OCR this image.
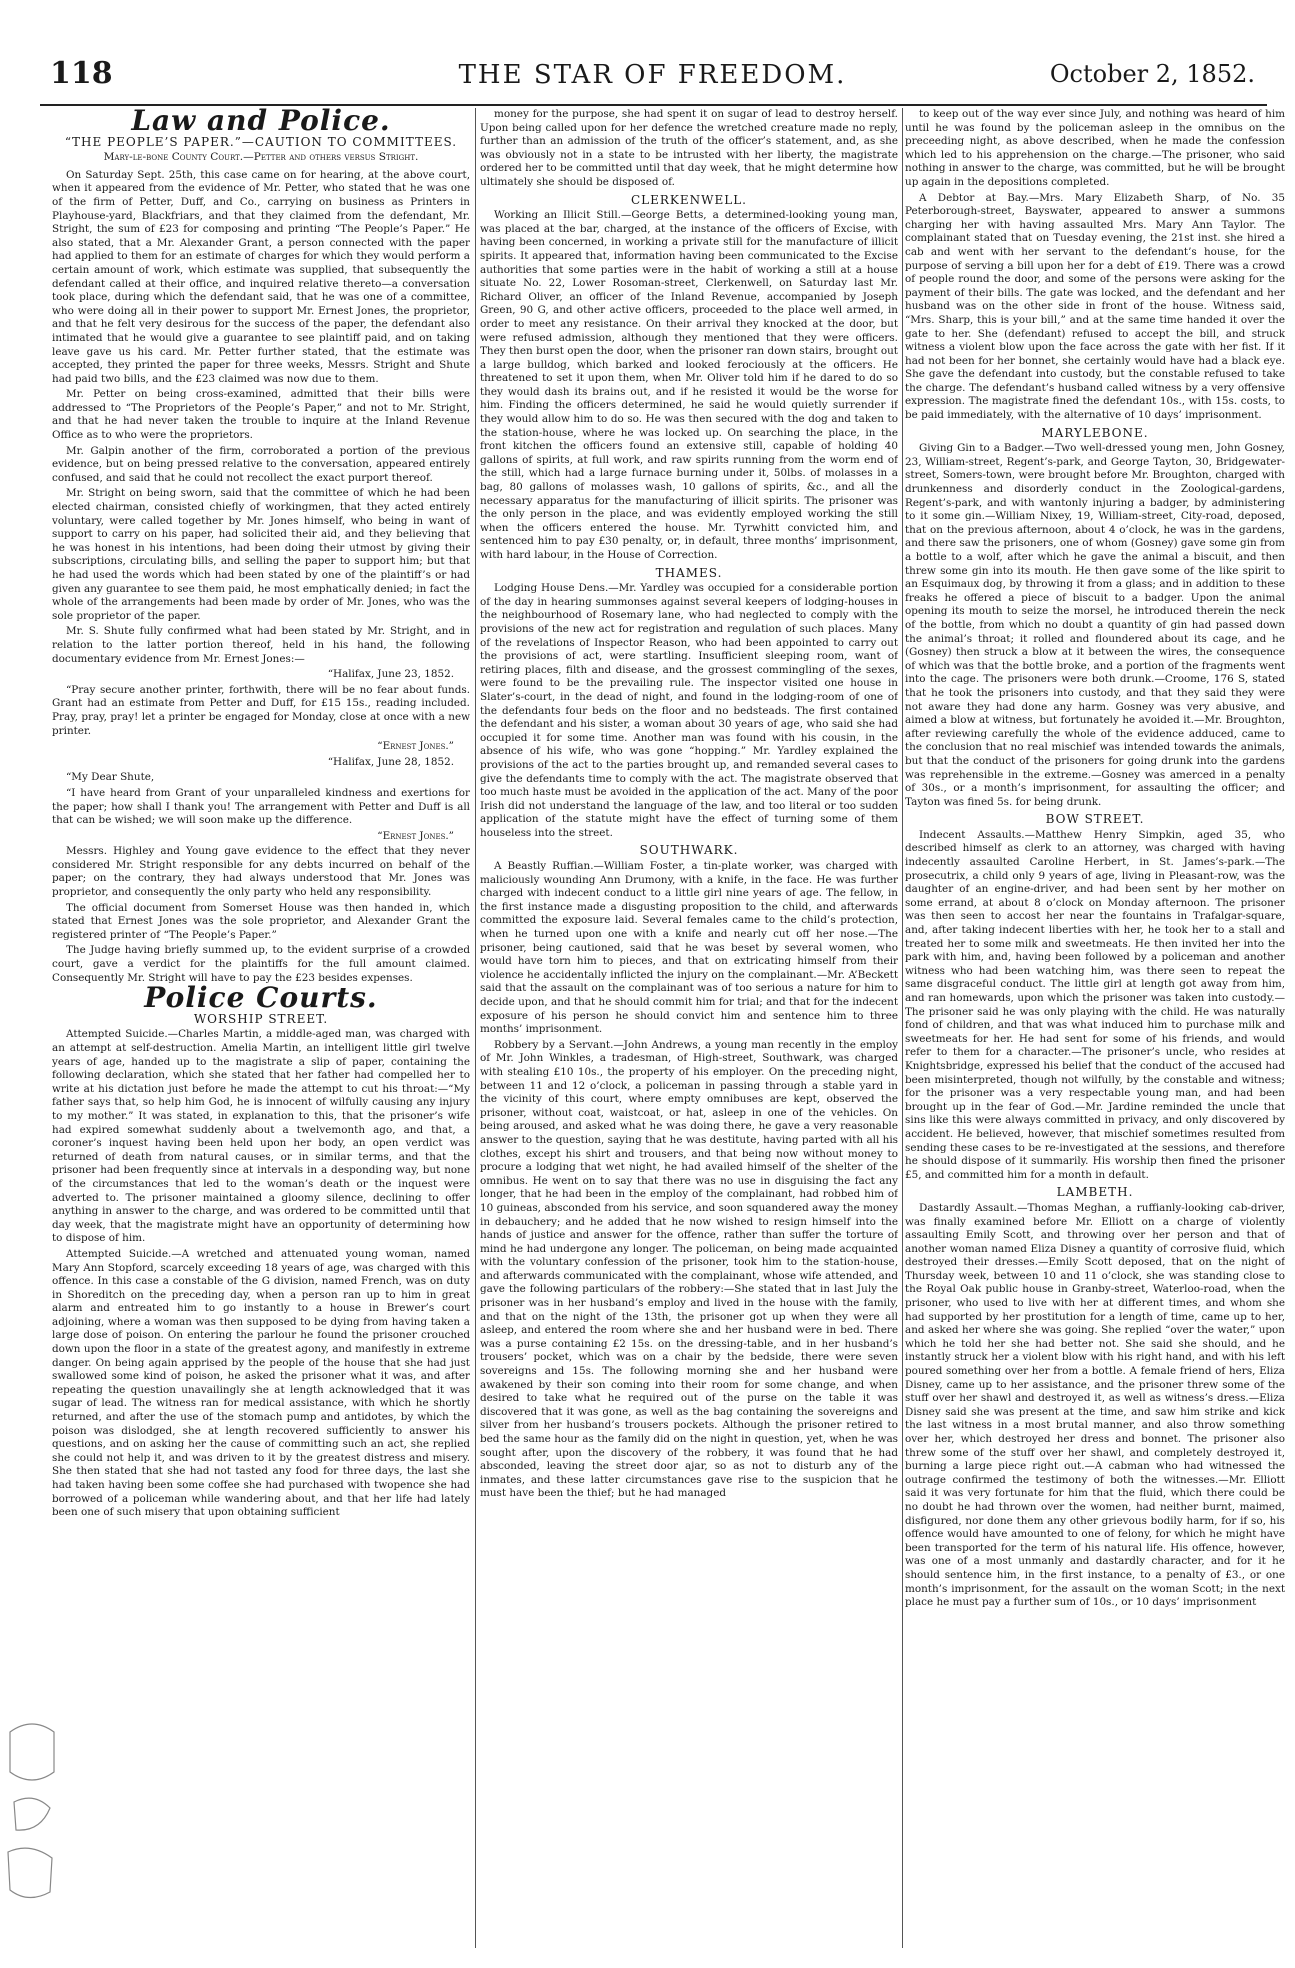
118	THE STAR OF FREEDOM.	October 2, 1852.
Law and Police.
“THE PEOPLE’S PAPER.”—CAUTION TO COMMITTEES.
Mary-le-bone County Court.—Petter and others versus Stright.

On Saturday Sept. 25th, this case came on for hearing, at the above court, when it appeared from the evidence of Mr. Petter, who stated that he was one of the firm of Petter, Duff, and Co., carrying on business as Printers in Playhouse-yard, Blackfriars, and that they claimed from the defendant, Mr. Stright, the sum of £23 for composing and printing “The People’s Paper.” He also stated, that a Mr. Alexander Grant, a person connected with the paper had applied to them for an estimate of charges for which they would perform a certain amount of work, which estimate was supplied, that subsequently the defendant called at their office, and inquired relative thereto—a conversation took place, during which the defendant said, that he was one of a committee, who were doing all in their power to support Mr. Ernest Jones, the proprietor, and that he felt very desirous for the success of the paper, the defendant also intimated that he would give a guarantee to see plaintiff paid, and on taking leave gave us his card. Mr. Petter further stated, that the estimate was accepted, they printed the paper for three weeks, Messrs. Stright and Shute had paid two bills, and the £23 claimed was now due to them.

Mr. Petter on being cross-examined, admitted that their bills were addressed to “The Proprietors of the People’s Paper,” and not to Mr. Stright, and that he had never taken the trouble to inquire at the Inland Revenue Office as to who were the proprietors.

Mr. Galpin another of the firm, corroborated a portion of the previous evidence, but on being pressed relative to the conversation, appeared entirely confused, and said that he could not recollect the exact purport thereof.

Mr. Stright on being sworn, said that the committee of which he had been elected chairman, consisted chiefly of workingmen, that they acted entirely voluntary, were called together by Mr. Jones himself, who being in want of support to carry on his paper, had solicited their aid, and they believing that he was honest in his intentions, had been doing their utmost by giving their subscriptions, circulating bills, and selling the paper to support him; but that he had used the words which had been stated by one of the plaintiff’s or had given any guarantee to see them paid, he most emphatically denied; in fact the whole of the arrangements had been made by order of Mr. Jones, who was the sole proprietor of the paper.

Mr. S. Shute fully confirmed what had been stated by Mr. Stright, and in relation to the latter portion thereof, held in his hand, the following documentary evidence from Mr. Ernest Jones:—

“Halifax, June 23, 1852.

“Pray secure another printer, forthwith, there will be no fear about funds. Grant had an estimate from Petter and Duff, for £15 15s., reading included. Pray, pray, pray! let a printer be engaged for Monday, close at once with a new printer.

“Ernest Jones.”
“Halifax, June 28, 1852.

“My Dear Shute,

“I have heard from Grant of your unparalleled kindness and exertions for the paper; how shall I thank you! The arrangement with Petter and Duff is all that can be wished; we will soon make up the difference.

“Ernest Jones.”

Messrs. Highley and Young gave evidence to the effect that they never considered Mr. Stright responsible for any debts incurred on behalf of the paper; on the contrary, they had always understood that Mr. Jones was proprietor, and consequently the only party who held any responsibility.

The official document from Somerset House was then handed in, which stated that Ernest Jones was the sole proprietor, and Alexander Grant the registered printer of “The People’s Paper.”

The Judge having briefly summed up, to the evident surprise of a crowded court, gave a verdict for the plaintiffs for the full amount claimed. Consequently Mr. Stright will have to pay the £23 besides expenses.

Police Courts.
WORSHIP STREET.

Attempted Suicide.—Charles Martin, a middle-aged man, was charged with an attempt at self-destruction. Amelia Martin, an intelligent little girl twelve years of age, handed up to the magistrate a slip of paper, containing the following declaration, which she stated that her father had compelled her to write at his dictation just before he made the attempt to cut his throat:—“My father says that, so help him God, he is innocent of wilfully causing any injury to my mother.” It was stated, in explanation to this, that the prisoner’s wife had expired somewhat suddenly about a twelvemonth ago, and that, a coroner’s inquest having been held upon her body, an open verdict was returned of death from natural causes, or in similar terms, and that the prisoner had been frequently since at intervals in a desponding way, but none of the circumstances that led to the woman’s death or the inquest were adverted to. The prisoner maintained a gloomy silence, declining to offer anything in answer to the charge, and was ordered to be committed until that day week, that the magistrate might have an opportunity of determining how to dispose of him.

Attempted Suicide.—A wretched and attenuated young woman, named Mary Ann Stopford, scarcely exceeding 18 years of age, was charged with this offence. In this case a constable of the G division, named French, was on duty in Shoreditch on the preceding day, when a person ran up to him in great alarm and entreated him to go instantly to a house in Brewer’s court adjoining, where a woman was then supposed to be dying from having taken a large dose of poison. On entering the parlour he found the prisoner crouched down upon the floor in a state of the greatest agony, and manifestly in extreme danger. On being again apprised by the people of the house that she had just swallowed some kind of poison, he asked the prisoner what it was, and after repeating the question unavailingly she at length acknowledged that it was sugar of lead. The witness ran for medical assistance, with which he shortly returned, and after the use of the stomach pump and antidotes, by which the poison was dislodged, she at length recovered sufficiently to answer his questions, and on asking her the cause of committing such an act, she replied she could not help it, and was driven to it by the greatest distress and misery. She then stated that she had not tasted any food for three days, the last she had taken having been some coffee she had purchased with twopence she had borrowed of a policeman while wandering about, and that her life had lately been one of such misery that upon obtaining sufficient

money for the purpose, she had spent it on sugar of lead to destroy herself. Upon being called upon for her defence the wretched creature made no reply, further than an admission of the truth of the officer’s statement, and, as she was obviously not in a state to be intrusted with her liberty, the magistrate ordered her to be committed until that day week, that he might determine how ultimately she should be disposed of.

CLERKENWELL.

Working an Illicit Still.—George Betts, a determined-looking young man, was placed at the bar, charged, at the instance of the officers of Excise, with having been concerned, in working a private still for the manufacture of illicit spirits. It appeared that, information having been communicated to the Excise authorities that some parties were in the habit of working a still at a house situate No. 22, Lower Rosoman-street, Clerkenwell, on Saturday last Mr. Richard Oliver, an officer of the Inland Revenue, accompanied by Joseph Green, 90 G, and other active officers, proceeded to the place well armed, in order to meet any resistance. On their arrival they knocked at the door, but were refused admission, although they mentioned that they were officers. They then burst open the door, when the prisoner ran down stairs, brought out a large bulldog, which barked and looked ferociously at the officers. He threatened to set it upon them, when Mr. Oliver told him if he dared to do so they would dash its brains out, and if he resisted it would be the worse for him. Finding the officers determined, he said he would quietly surrender if they would allow him to do so. He was then secured with the dog and taken to the station-house, where he was locked up. On searching the place, in the front kitchen the officers found an extensive still, capable of holding 40 gallons of spirits, at full work, and raw spirits running from the worm end of the still, which had a large furnace burning under it, 50lbs. of molasses in a bag, 80 gallons of molasses wash, 10 gallons of spirits, &c., and all the necessary apparatus for the manufacturing of illicit spirits. The prisoner was the only person in the place, and was evidently employed working the still when the officers entered the house. Mr. Tyrwhitt convicted him, and sentenced him to pay £30 penalty, or, in default, three months’ imprisonment, with hard labour, in the House of Correction.

THAMES.

Lodging House Dens.—Mr. Yardley was occupied for a considerable portion of the day in hearing summonses against several keepers of lodging-houses in the neighbourhood of Rosemary lane, who had neglected to comply with the provisions of the new act for registration and regulation of such places. Many of the revelations of Inspector Reason, who had been appointed to carry out the provisions of act, were startling. Insufficient sleeping room, want of retiring places, filth and disease, and the grossest commingling of the sexes, were found to be the prevailing rule. The inspector visited one house in Slater’s-court, in the dead of night, and found in the lodging-room of one of the defendants four beds on the floor and no bedsteads. The first contained the defendant and his sister, a woman about 30 years of age, who said she had occupied it for some time. Another man was found with his cousin, in the absence of his wife, who was gone “hopping.” Mr. Yardley explained the provisions of the act to the parties brought up, and remanded several cases to give the defendants time to comply with the act. The magistrate observed that too much haste must be avoided in the application of the act. Many of the poor Irish did not understand the language of the law, and too literal or too sudden application of the statute might have the effect of turning some of them houseless into the street.

SOUTHWARK.

A Beastly Ruffian.—William Foster, a tin-plate worker, was charged with maliciously wounding Ann Drumony, with a knife, in the face. He was further charged with indecent conduct to a little girl nine years of age. The fellow, in the first instance made a disgusting proposition to the child, and afterwards committed the exposure laid. Several females came to the child’s protection, when he turned upon one with a knife and nearly cut off her nose.—The prisoner, being cautioned, said that he was beset by several women, who would have torn him to pieces, and that on extricating himself from their violence he accidentally inflicted the injury on the complainant.—Mr. A’Beckett said that the assault on the complainant was of too serious a nature for him to decide upon, and that he should commit him for trial; and that for the indecent exposure of his person he should convict him and sentence him to three months’ imprisonment.

Robbery by a Servant.—John Andrews, a young man recently in the employ of Mr. John Winkles, a tradesman, of High-street, Southwark, was charged with stealing £10 10s., the property of his employer. On the preceding night, between 11 and 12 o’clock, a policeman in passing through a stable yard in the vicinity of this court, where empty omnibuses are kept, observed the prisoner, without coat, waistcoat, or hat, asleep in one of the vehicles. On being aroused, and asked what he was doing there, he gave a very reasonable answer to the question, saying that he was destitute, having parted with all his clothes, except his shirt and trousers, and that being now without money to procure a lodging that wet night, he had availed himself of the shelter of the omnibus. He went on to say that there was no use in disguising the fact any longer, that he had been in the employ of the complainant, had robbed him of 10 guineas, absconded from his service, and soon squandered away the money in debauchery; and he added that he now wished to resign himself into the hands of justice and answer for the offence, rather than suffer the torture of mind he had undergone any longer. The policeman, on being made acquainted with the voluntary confession of the prisoner, took him to the station-house, and afterwards communicated with the complainant, whose wife attended, and gave the following particulars of the robbery:—She stated that in last July the prisoner was in her husband’s employ and lived in the house with the family, and that on the night of the 13th, the prisoner got up when they were all asleep, and entered the room where she and her husband were in bed. There was a purse containing £2 15s. on the dressing-table, and in her husband’s trousers’ pocket, which was on a chair by the bedside, there were seven sovereigns and 15s. The following morning she and her husband were awakened by their son coming into their room for some change, and when desired to take what he required out of the purse on the table it was discovered that it was gone, as well as the bag containing the sovereigns and silver from her husband’s trousers pockets. Although the prisoner retired to bed the same hour as the family did on the night in question, yet, when he was sought after, upon the discovery of the robbery, it was found that he had absconded, leaving the street door ajar, so as not to disturb any of the inmates, and these latter circumstances gave rise to the suspicion that he must have been the thief; but he had managed

to keep out of the way ever since July, and nothing was heard of him until he was found by the policeman asleep in the omnibus on the preceeding night, as above described, when he made the confession which led to his apprehension on the charge.—The prisoner, who said nothing in answer to the charge, was committed, but he will be brought up again in the depositions completed.

A Debtor at Bay.—Mrs. Mary Elizabeth Sharp, of No. 35 Peterborough-street, Bayswater, appeared to answer a summons charging her with having assaulted Mrs. Mary Ann Taylor. The complainant stated that on Tuesday evening, the 21st inst. she hired a cab and went with her servant to the defendant’s house, for the purpose of serving a bill upon her for a debt of £19. There was a crowd of people round the door, and some of the persons were asking for the payment of their bills. The gate was locked, and the defendant and her husband was on the other side in front of the house. Witness said, “Mrs. Sharp, this is your bill,” and at the same time handed it over the gate to her. She (defendant) refused to accept the bill, and struck witness a violent blow upon the face across the gate with her fist. If it had not been for her bonnet, she certainly would have had a black eye. She gave the defendant into custody, but the constable refused to take the charge. The defendant’s husband called witness by a very offensive expression. The magistrate fined the defendant 10s., with 15s. costs, to be paid immediately, with the alternative of 10 days’ imprisonment.

MARYLEBONE.

Giving Gin to a Badger.—Two well-dressed young men, John Gosney, 23, William-street, Regent’s-park, and George Tayton, 30, Bridgewater-street, Somers-town, were brought before Mr. Broughton, charged with drunkenness and disorderly conduct in the Zoological-gardens, Regent’s-park, and with wantonly injuring a badger, by administering to it some gin.—William Nixey, 19, William-street, City-road, deposed, that on the previous afternoon, about 4 o’clock, he was in the gardens, and there saw the prisoners, one of whom (Gosney) gave some gin from a bottle to a wolf, after which he gave the animal a biscuit, and then threw some gin into its mouth. He then gave some of the like spirit to an Esquimaux dog, by throwing it from a glass; and in addition to these freaks he offered a piece of biscuit to a badger. Upon the animal opening its mouth to seize the morsel, he introduced therein the neck of the bottle, from which no doubt a quantity of gin had passed down the animal’s throat; it rolled and floundered about its cage, and he (Gosney) then struck a blow at it between the wires, the consequence of which was that the bottle broke, and a portion of the fragments went into the cage. The prisoners were both drunk.—Croome, 176 S, stated that he took the prisoners into custody, and that they said they were not aware they had done any harm. Gosney was very abusive, and aimed a blow at witness, but fortunately he avoided it.—Mr. Broughton, after reviewing carefully the whole of the evidence adduced, came to the conclusion that no real mischief was intended towards the animals, but that the conduct of the prisoners for going drunk into the gardens was reprehensible in the extreme.—Gosney was amerced in a penalty of 30s., or a month’s imprisonment, for assaulting the officer; and Tayton was fined 5s. for being drunk.

BOW STREET.

Indecent Assaults.—Matthew Henry Simpkin, aged 35, who described himself as clerk to an attorney, was charged with having indecently assaulted Caroline Herbert, in St. James’s-park.—The prosecutrix, a child only 9 years of age, living in Pleasant-row, was the daughter of an engine-driver, and had been sent by her mother on some errand, at about 8 o’clock on Monday afternoon. The prisoner was then seen to accost her near the fountains in Trafalgar-square, and, after taking indecent liberties with her, he took her to a stall and treated her to some milk and sweetmeats. He then invited her into the park with him, and, having been followed by a policeman and another witness who had been watching him, was there seen to repeat the same disgraceful conduct. The little girl at length got away from him, and ran homewards, upon which the prisoner was taken into custody.—The prisoner said he was only playing with the child. He was naturally fond of children, and that was what induced him to purchase milk and sweetmeats for her. He had sent for some of his friends, and would refer to them for a character.—The prisoner’s uncle, who resides at Knightsbridge, expressed his belief that the conduct of the accused had been misinterpreted, though not wilfully, by the constable and witness; for the prisoner was a very respectable young man, and had been brought up in the fear of God.—Mr. Jardine reminded the uncle that sins like this were always committed in privacy, and only discovered by accident. He believed, however, that mischief sometimes resulted from sending these cases to be re-investigated at the sessions, and therefore he should dispose of it summarily. His worship then fined the prisoner £5, and committed him for a month in default.

LAMBETH.

Dastardly Assault.—Thomas Meghan, a ruffianly-looking cab-driver, was finally examined before Mr. Elliott on a charge of violently assaulting Emily Scott, and throwing over her person and that of another woman named Eliza Disney a quantity of corrosive fluid, which destroyed their dresses.—Emily Scott deposed, that on the night of Thursday week, between 10 and 11 o’clock, she was standing close to the Royal Oak public house in Granby-street, Waterloo-road, when the prisoner, who used to live with her at different times, and whom she had supported by her prostitution for a length of time, came up to her, and asked her where she was going. She replied “over the water,” upon which he told her she had better not. She said she should, and he instantly struck her a violent blow with his right hand, and with his left poured something over her from a bottle. A female friend of hers, Eliza Disney, came up to her assistance, and the prisoner threw some of the stuff over her shawl and destroyed it, as well as witness’s dress.—Eliza Disney said she was present at the time, and saw him strike and kick the last witness in a most brutal manner, and also throw something over her, which destroyed her dress and bonnet. The prisoner also threw some of the stuff over her shawl, and completely destroyed it, burning a large piece right out.—A cabman who had witnessed the outrage confirmed the testimony of both the witnesses.—Mr. Elliott said it was very fortunate for him that the fluid, which there could be no doubt he had thrown over the women, had neither burnt, maimed, disfigured, nor done them any other grievous bodily harm, for if so, his offence would have amounted to one of felony, for which he might have been transported for the term of his natural life. His offence, however, was one of a most unmanly and dastardly character, and for it he should sentence him, in the first instance, to a penalty of £3., or one month’s imprisonment, for the assault on the woman Scott; in the next place he must pay a further sum of 10s., or 10 days’ imprisonment
